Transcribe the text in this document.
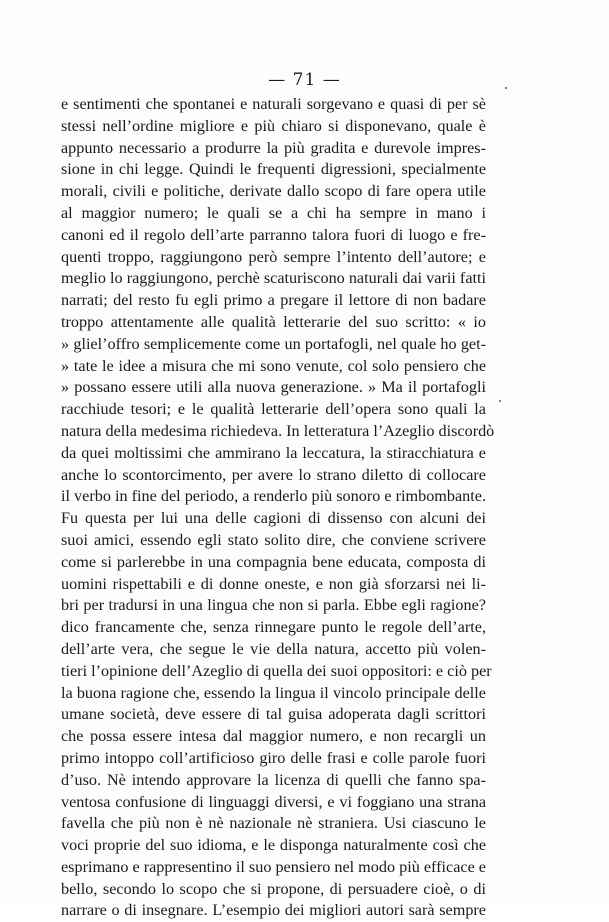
— 71 —
e sentimenti che spontanei e naturali sorgevano e quasi di per sè
stessi nell’ordine migliore e più chiaro si disponevano, quale è
appunto necessario a produrre la più gradita e durevole impres-
sione in chi legge. Quindi le frequenti digressioni, specialmente
morali, civili e politiche, derivate dallo scopo di fare opera utile
al maggior numero; le quali se a chi ha sempre in mano i
canoni ed il regolo dell’arte parranno talora fuori di luogo e fre-
quenti troppo, raggiungono però sempre l’intento dell’autore; e
meglio lo raggiungono, perchè scaturiscono naturali dai varii fatti
narrati; del resto fu egli primo a pregare il lettore di non badare
troppo attentamente alle qualità letterarie del suo scritto: « io
» gliel’offro semplicemente come un portafogli, nel quale ho get-
» tate le idee a misura che mi sono venute, col solo pensiero che
» possano essere utili alla nuova generazione. » Ma il portafogli
racchiude tesori; e le qualità letterarie dell’opera sono quali la
natura della medesima richiedeva. In letteratura l’Azeglio discordò
da quei moltissimi che ammirano la leccatura, la stiracchiatura e
anche lo scontorcimento, per avere lo strano diletto di collocare
il verbo in fine del periodo, a renderlo più sonoro e rimbombante.
Fu questa per lui una delle cagioni di dissenso con alcuni dei
suoi amici, essendo egli stato solito dire, che conviene scrivere
come si parlerebbe in una compagnia bene educata, composta di
uomini rispettabili e di donne oneste, e non già sforzarsi nei li-
bri per tradursi in una lingua che non si parla. Ebbe egli ragione?
dico francamente che, senza rinnegare punto le regole dell’arte,
dell’arte vera, che segue le vie della natura, accetto più volen-
tieri l’opinione dell’Azeglio di quella dei suoi oppositori: e ciò per
la buona ragione che, essendo la lingua il vincolo principale delle
umane società, deve essere di tal guisa adoperata dagli scrittori
che possa essere intesa dal maggior numero, e non recargli un
primo intoppo coll’artificioso giro delle frasi e colle parole fuori
d’uso. Nè intendo approvare la licenza di quelli che fanno spa-
ventosa confusione di linguaggi diversi, e vi foggiano una strana
favella che più non è nè nazionale nè straniera. Usi ciascuno le
voci proprie del suo idioma, e le disponga naturalmente così che
esprimano e rappresentino il suo pensiero nel modo più efficace e
bello, secondo lo scopo che si propone, di persuadere cioè, o di
narrare o di insegnare. L’esempio dei migliori autori sarà sempre
